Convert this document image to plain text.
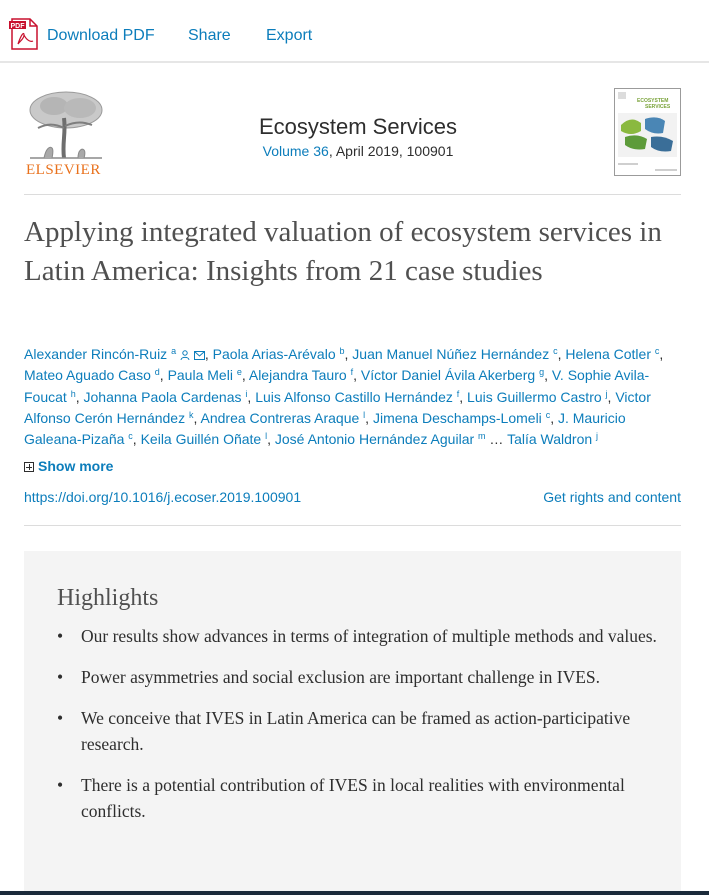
PDF
Download PDF Share Export
ELSEVIER
Ecosystem Services
Volume 36, April 2019, 100901
ECOSYSTEM
SERVICES
Applying integrated valuation of ecosystem services in Latin America: Insights from 21 case studies
Alexander Rincón-Ruiz $^a$ , Paola Arias-Arévalo $^b$, Juan Manuel Núñez Hernández $^c$, Helena Cotler $^c$, Mateo Aguado Caso $^d$, Paula Meli $^e$, Alejandra Tauro $^f$, Víctor Daniel Ávila Akerberg $^g$, V. Sophie Avila-Foucat $^h$, Johanna Paola Cardenas $^i$, Luis Alfonso Castillo Hernández $^f$, Luis Guillermo Castro $^j$, Victor Alfonso Cerón Hernández $^k$, Andrea Contreras Araque $^l$, Jimena Deschamps-Lomeli $^c$, J. Mauricio Galeana-Pizaña $^c$, Keila Guillén Oñate $^l$, José Antonio Hernández Aguilar $^m$ … Talía Waldron $^j$
Show more
https://doi.org/10.1016/j.ecoser.2019.100901	Get rights and content
Highlights
• Our results show advances in terms of integration of multiple methods and values.
• Power asymmetries and social exclusion are important challenge in IVES.
• We conceive that IVES in Latin America can be framed as action-participative research.
• There is a potential contribution of IVES in local realities with environmental conflicts.
